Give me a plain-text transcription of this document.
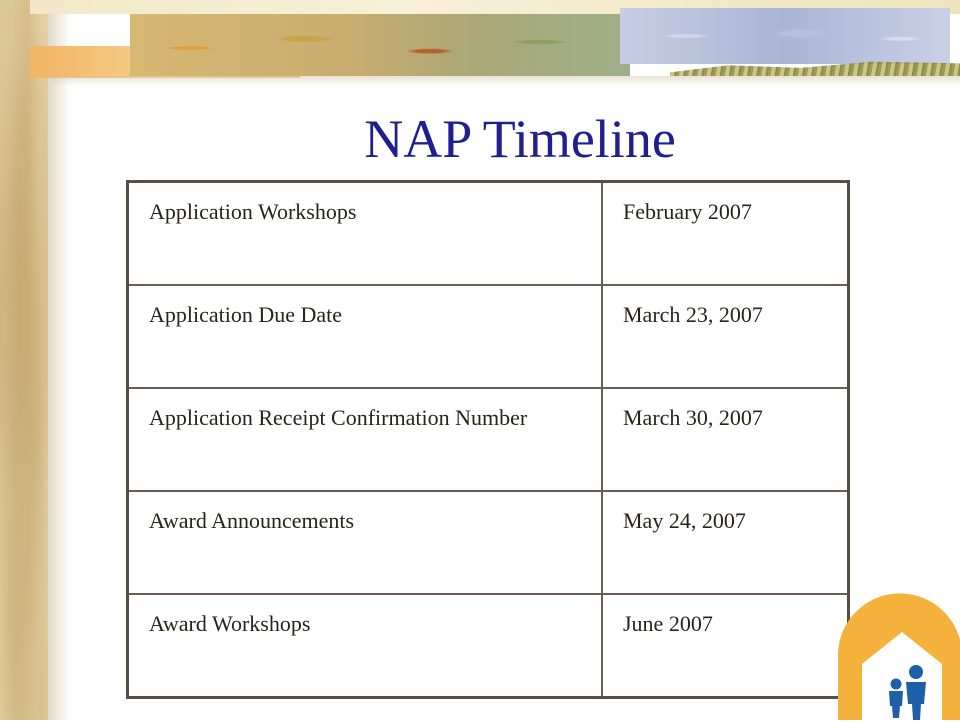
NAP Timeline
Application Workshops	February 2007
Application Due Date	March 23, 2007
Application Receipt Confirmation Number	March 30, 2007
Award Announcements	May 24, 2007
Award Workshops	June 2007
